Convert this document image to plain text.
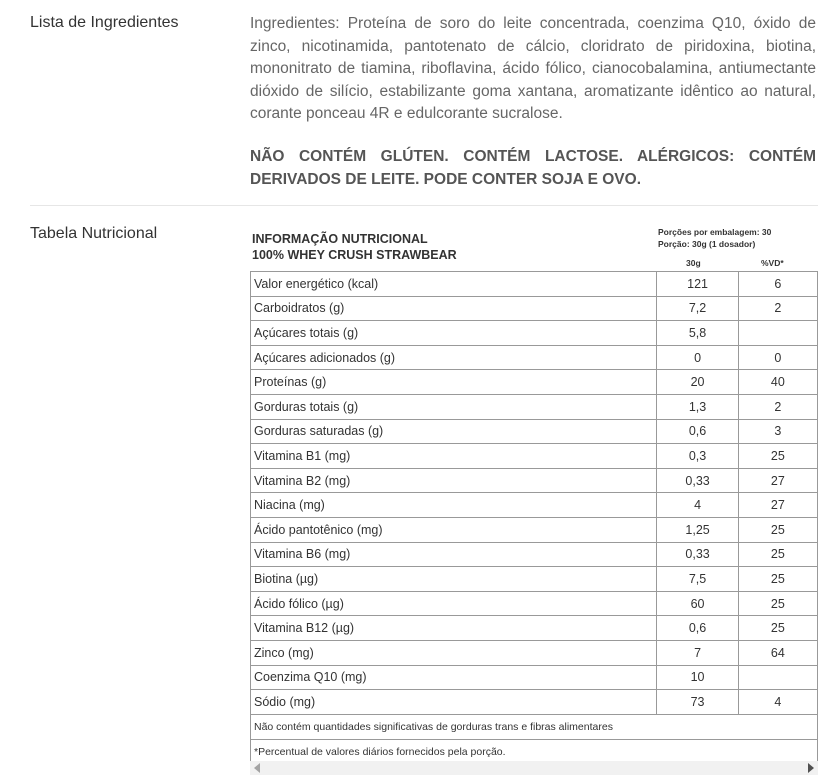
Lista de Ingredientes	Ingredientes: Proteína de soro do leite concentrada, coenzima Q10, óxido de zinco, nicotinamida, pantotenato de cálcio, cloridrato de piridoxina, biotina, mononitrato de tiamina, riboflavina, ácido fólico, cianocobalamina, antiumectante dióxido de silício, estabilizante goma xantana, aromatizante idêntico ao natural, corante ponceau 4R e edulcorante sucralose.
NÃO CONTÉM GLÚTEN. CONTÉM LACTOSE. ALÉRGICOS: CONTÉM DERIVADOS DE LEITE. PODE CONTER SOJA E OVO.
Tabela Nutricional	INFORMAÇÃO NUTRICIONAL
100% WHEY CRUSH STRAWBEAR
Porções por embalagem: 30
Porção: 30g (1 dosador)
30g	%VD*
Valor energético (kcal)	121	6
Carboidratos (g)	7,2	2
Açúcares totais (g)	5,8	
Açúcares adicionados (g)	0	0
Proteínas (g)	20	40
Gorduras totais (g)	1,3	2
Gorduras saturadas (g)	0,6	3
Vitamina B1 (mg)	0,3	25
Vitamina B2 (mg)	0,33	27
Niacina (mg)	4	27
Ácido pantotênico (mg)	1,25	25
Vitamina B6 (mg)	0,33	25
Biotina (µg)	7,5	25
Ácido fólico (µg)	60	25
Vitamina B12 (µg)	0,6	25
Zinco (mg)	7	64
Coenzima Q10 (mg)	10	
Sódio (mg)	73	4
Não contém quantidades significativas de gorduras trans e fibras alimentares		
*Percentual de valores diários fornecidos pela porção.		
